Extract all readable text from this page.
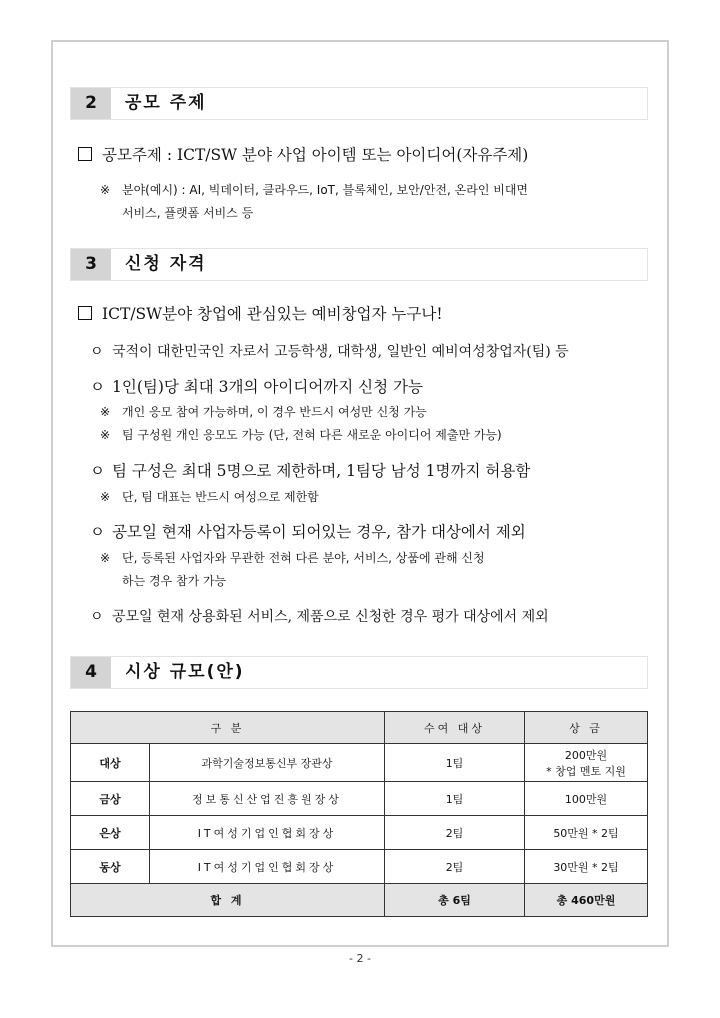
2	공모 주제
공모주제 : ICT/SW 분야 사업 아이템 또는 아이디어(자유주제)
※ 분야(예시) : AI, 빅데이터, 클라우드, IoT, 블록체인, 보안/안전, 온라인 비대면
서비스, 플랫폼 서비스 등
3	신청 자격
ICT/SW분야 창업에 관심있는 예비창업자 누구나!
ㅇ 국적이 대한민국인 자로서 고등학생, 대학생, 일반인 예비여성창업자(팀) 등
ㅇ 1인(팀)당 최대 3개의 아이디어까지 신청 가능
※ 개인 응모 참여 가능하며, 이 경우 반드시 여성만 신청 가능
※ 팀 구성원 개인 응모도 가능 (단, 전혀 다른 새로운 아이디어 제출만 가능)
ㅇ 팀 구성은 최대 5명으로 제한하며, 1팀당 남성 1명까지 허용함
※ 단, 팀 대표는 반드시 여성으로 제한함
ㅇ 공모일 현재 사업자등록이 되어있는 경우, 참가 대상에서 제외
※ 단, 등록된 사업자와 무관한 전혀 다른 분야, 서비스, 상품에 관해 신청
하는 경우 참가 가능
ㅇ 공모일 현재 상용화된 서비스, 제품으로 신청한 경우 평가 대상에서 제외
4	시상 규모(안)
구 분		수여 대상	상 금
대상	과학기술정보통신부 장관상	1팀	200만원
* 창업 멘토 지원

금상	정보통신산업진흥원장상	1팀	100만원
은상	IT여성기업인협회장상	2팀	50만원 * 2팀
동상	IT여성기업인협회장상	2팀	30만원 * 2팀
합 계		총 6팀	총 460만원
- 2 -
